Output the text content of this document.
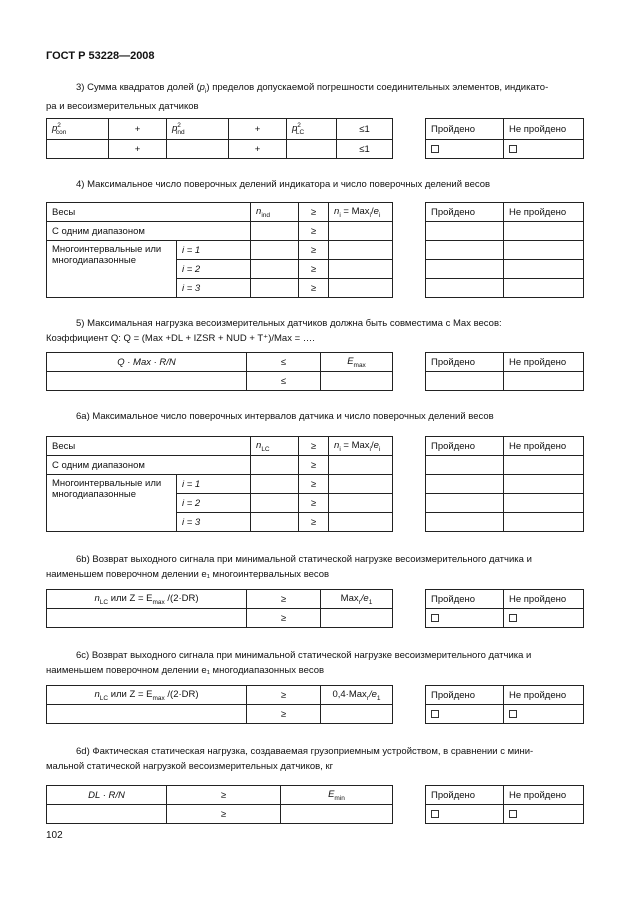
ГОСТ Р 53228—2008
3) Сумма квадратов долей $(p_i)$ пределов допускаемой погрешности соединительных элементов, индикато-
ра и весоизмерительных датчиков
$p^2_{con}$	+	$p^2_{ind}$	+	$p^2_{LC}$	≤1
	+		+		≤1
Пройдено	Не пройдено

4) Максимальное число поверочных делений индикатора и число поверочных делений весов
Весы		$n_{ind}$	≥	$n_i = Max_i/e_i$
С одним диапазоном			≥	
Многоинтервальные или многодиапазонные	i = 1		≥	
	i = 2		≥	
	i = 3		≥	
Пройдено	Не пройдено

5) Максимальная нагрузка весоизмерительных датчиков должна быть совместима с Max весов:
Коэффициент Q: Q = (Max +DL + IZSR + NUD + T⁺)/Max = ….
Q · Max · R/N	≤	$E_{max}$
	≤	
Пройдено	Не пройдено

6a) Максимальное число поверочных интервалов датчика и число поверочных делений весов
Весы		$n_{LC}$	≥	$n_i = Max_i/e_i$
С одним диапазоном			≥	
Многоинтервальные или многодиапазонные	i = 1		≥	
	i = 2		≥	
	i = 3		≥	
Пройдено	Не пройдено

6b) Возврат выходного сигнала при минимальной статической нагрузке весоизмерительного датчика и
наименьшем поверочном делении e₁ многоинтервальных весов
$n_{LC}$ или $Z = E_{max}$ /(2·DR)	≥	$Max_r/e_1$
	≥	
Пройдено	Не пройдено

6c) Возврат выходного сигнала при минимальной статической нагрузке весоизмерительного датчика и
наименьшем поверочном делении e₁ многодиапазонных весов
$n_{LC}$ или $Z = E_{max}$ /(2·DR)	≥	$0,4\cdot Max_r/e_1$
	≥	
Пройдено	Не пройдено

6d) Фактическая статическая нагрузка, создаваемая грузоприемным устройством, в сравнении с мини-
мальной статической нагрузкой весоизмерительных датчиков, кг
DL · R/N	≥	$E_{min}$
	≥	
Пройдено	Не пройдено

102
